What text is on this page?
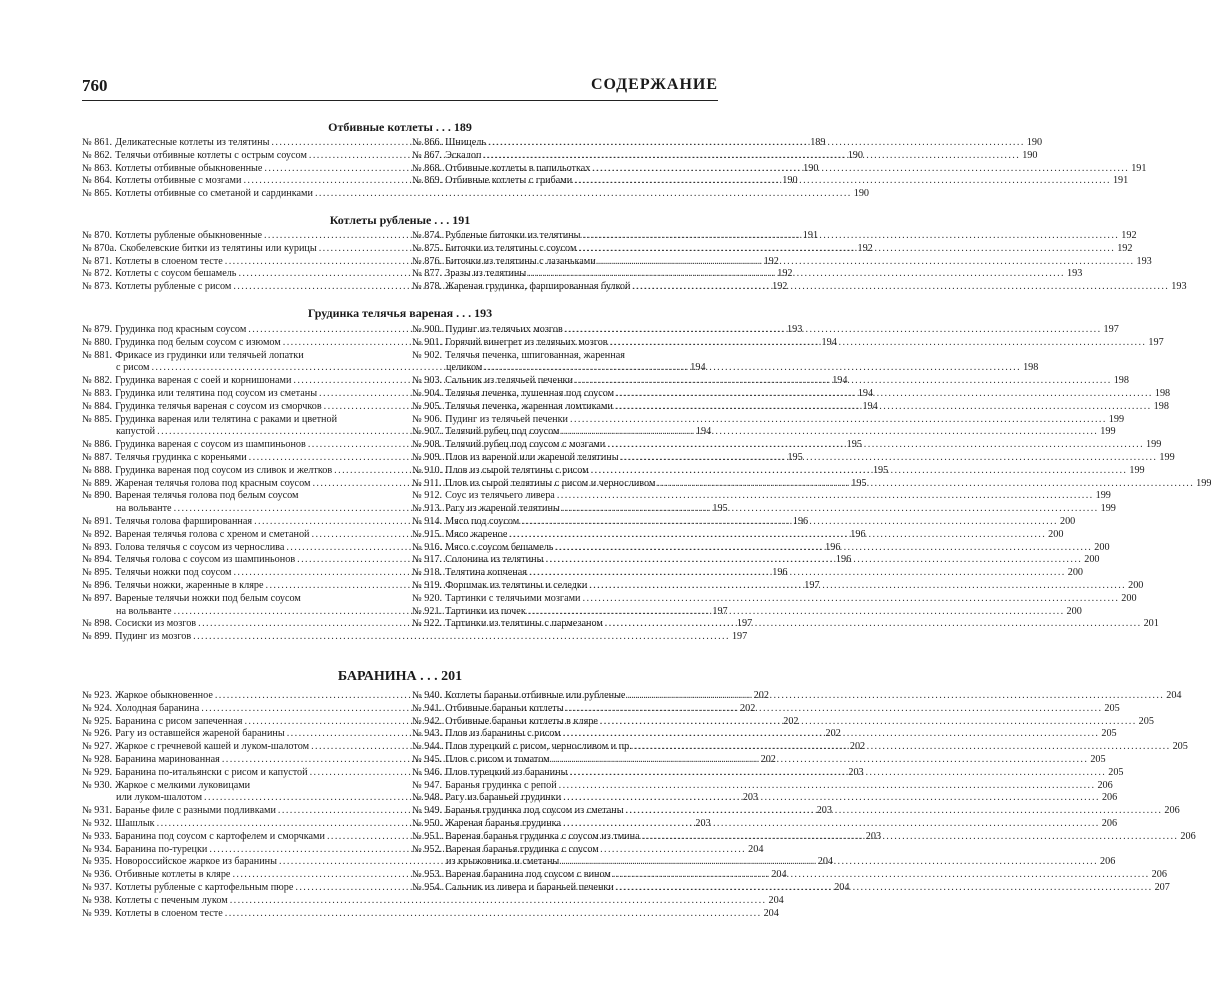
760	СОДЕРЖАНИЕ
Отбивные котлеты . . . 189
№ 861. Деликатесные котлеты из телятины .....	189
№ 862. Телячьи отбивные котлеты с острым соусом .....	190
№ 863. Котлеты отбивные обыкновенные .....	190
№ 864. Котлеты отбивные с мозгами .....	190
№ 865. Котлеты отбивные со сметаной и сардинками .....	190
№ 866. Шницель .....	190
№ 867. Эскалоп .....	190
№ 868. Отбивные котлеты в папильотках .....	191
№ 869. Отбивные котлеты с грибами .....	191
Котлеты рубленые . . . 191
№ 870. Котлеты рубленые обыкновенные .....	191
№ 870а. Скобелевские битки из телятины или курицы .....	192
№ 871. Котлеты в слоеном тесте .....	192
№ 872. Котлеты с соусом бешамель .....	192
№ 873. Котлеты рубленые с рисом .....	192
№ 874. Рубленые биточки из телятины .....	192
№ 875. Биточки из телятины с соусом .....	192
№ 876. Биточки из телятины с лазаньками .....	193
№ 877. Зразы из телятины .....	193
№ 878. Жареная грудинка, фаршированная булкой .....	193
Грудинка телячья вареная . . . 193
№ 879. Грудинка под красным соусом .....	193
№ 880. Грудинка под белым соусом с изюмом .....	194
№ 881. Фрикасе из грудинки или телячьей лопатки
с рисом .....	194
№ 882. Грудинка вареная с соей и корнишонами .....	194
№ 883. Грудинка или телятина под соусом из сметаны .....	194
№ 884. Грудинка телячья вареная с соусом из сморчков .....	194
№ 885. Грудинка вареная или телятина с раками и цветной
капустой .....	194
№ 886. Грудинка вареная с соусом из шампиньонов .....	195
№ 887. Телячья грудинка с кореньями .....	195
№ 888. Грудинка вареная под соусом из сливок и желтков .....	195
№ 889. Жареная телячья голова под красным соусом .....	195
№ 890. Вареная телячья голова под белым соусом
на вольванте .....	195
№ 891. Телячья голова фаршированная .....	196
№ 892. Вареная телячья голова с хреном и сметаной .....	196
№ 893. Голова телячья с соусом из чернослива .....	196
№ 894. Телячья голова с соусом из шампиньонов .....	196
№ 895. Телячьи ножки под соусом .....	196
№ 896. Телячьи ножки, жаренные в кляре .....	197
№ 897. Вареные телячьи ножки под белым соусом
на вольванте .....	197
№ 898. Сосиски из мозгов .....	197
№ 899. Пудинг из мозгов .....	197
№ 900. Пудинг из телячьих мозгов .....	197
№ 901. Горячий винегрет из телячьих мозгов .....	197
№ 902. Телячья печенка, шпигованная, жаренная
целиком .....	198
№ 903. Сальник из телячьей печенки .....	198
№ 904. Телячья печенка, тушенная под соусом .....	198
№ 905. Телячья печенка, жаренная ломтиками .....	198
№ 906. Пудинг из телячьей печенки .....	199
№ 907. Телячий рубец под соусом .....	199
№ 908. Телячий рубец под соусом с мозгами .....	199
№ 909. Плов из вареной или жареной телятины .....	199
№ 910. Плов из сырой телятины с рисом .....	199
№ 911. Плов из сырой телятины с рисом и черносливом .....	199
№ 912. Соус из телячьего ливера .....	199
№ 913. Рагу из жареной телятины .....	199
№ 914. Мясо под соусом .....	200
№ 915. Мясо жареное .....	200
№ 916. Мясо с соусом бешамель .....	200
№ 917. Солонина из телятины .....	200
№ 918. Телятина копченая .....	200
№ 919. Форшмак из телятины и селедки .....	200
№ 920. Тартинки с телячьими мозгами .....	200
№ 921. Тартинки из почек .....	200
№ 922. Тартинки из телятины с пармезаном .....	201
БАРАНИНА . . . 201
№ 923. Жаркое обыкновенное .....	202
№ 924. Холодная баранина .....	202
№ 925. Баранина с рисом запеченная .....	202
№ 926. Рагу из оставшейся жареной баранины .....	202
№ 927. Жаркое с гречневой кашей и луком-шалотом .....	202
№ 928. Баранина маринованная .....	202
№ 929. Баранина по-итальянски с рисом и капустой .....	203
№ 930. Жаркое с мелкими луковицами
или луком-шалотом .....	203
№ 931. Баранье филе с разными подливками .....	203
№ 932. Шашлык .....	203
№ 933. Баранина под соусом с картофелем и сморчками .....	203
№ 934. Баранина по-турецки .....	204
№ 935. Новороссийское жаркое из баранины .....	204
№ 936. Отбивные котлеты в кляре .....	204
№ 937. Котлеты рубленые с картофельным пюре .....	204
№ 938. Котлеты с печеным луком .....	204
№ 939. Котлеты в слоеном тесте .....	204
№ 940. Котлеты бараньи отбивные или рубленые .....	204
№ 941. Отбивные бараньи котлеты .....	205
№ 942. Отбивные бараньи котлеты в кляре .....	205
№ 943. Плов из баранины с рисом .....	205
№ 944. Плов турецкий с рисом, черносливом и пр. .....	205
№ 945. Плов с рисом и томатом .....	205
№ 946. Плов турецкий из баранины .....	205
№ 947. Баранья грудинка с репой .....	206
№ 948. Рагу из бараньей грудинки .....	206
№ 949. Баранья грудинка под соусом из сметаны .....	206
№ 950. Жареная баранья грудинка .....	206
№ 951. Вареная баранья грудинка с соусом из тмина .....	206
№ 952. Вареная баранья грудинка с соусом
из крыжовника и сметаны .....	206
№ 953. Вареная баранина под соусом с вином .....	206
№ 954. Сальник из ливера и бараньей печенки .....	207
